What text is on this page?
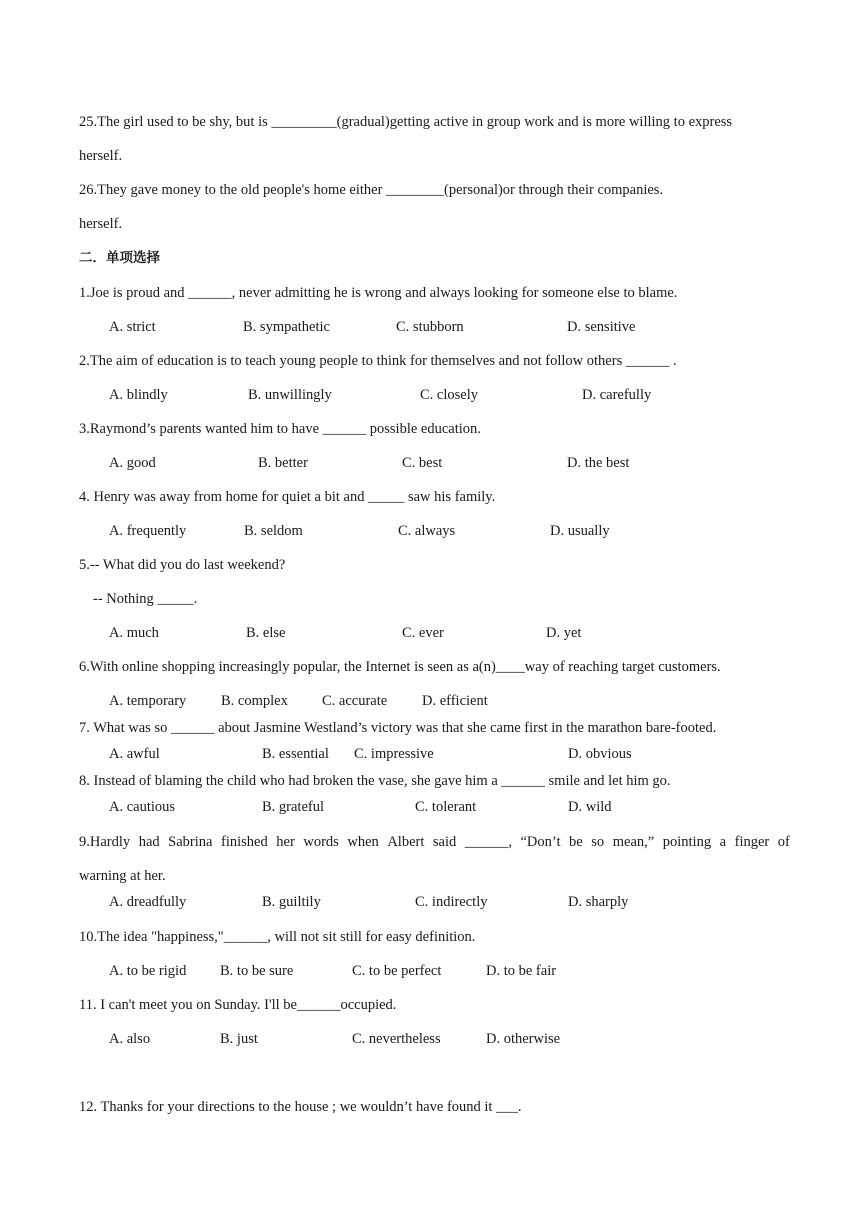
25.The girl used to be shy, but is _________(gradual)getting active in group work and is more willing to express
herself.
26.They gave money to the old people's home either ________(personal)or through their companies.
herself.
二．单项选择
1.Joe is proud and ______, never admitting he is wrong and always looking for someone else to blame.
A. strict	B. sympathetic	C. stubborn	D. sensitive
2.The aim of education is to teach young people to think for themselves and not follow others ______ .
A. blindly	B. unwillingly	C. closely	D. carefully
3.Raymond’s parents wanted him to have ______ possible education.
A. good	B. better	C. best	D. the best
4. Henry was away from home for quiet a bit and _____ saw his family.
A. frequently	B. seldom	C. always	D. usually
5.-- What did you do last weekend?
-- Nothing _____.
A. much	B. else	C. ever	D. yet
6.With online shopping increasingly popular, the Internet is seen as a(n)____way of reaching target customers.
A. temporary B. complex C. accurate D. efficient
7. What was so ______ about Jasmine Westland’s victory was that she came first in the marathon bare-footed.
A. awful	B. essential C. impressive	D. obvious
8. Instead of blaming the child who had broken the vase, she gave him a ______ smile and let him go.
A. cautious	B. grateful	C. tolerant	D. wild
9.Hardly had Sabrina finished her words when Albert said ______, “Don’t be so mean,” pointing a finger of
warning at her.
A. dreadfully	B. guiltily	C. indirectly	D. sharply
10.The idea "happiness,"______, will not sit still for easy definition.
A. to be rigid B. to be sure	C. to be perfect	D. to be fair
11. I can't meet you on Sunday. I'll be______occupied.
A. also	B. just	C. nevertheless	D. otherwise
12. Thanks for your directions to the house ; we wouldn’t have found it ___.
